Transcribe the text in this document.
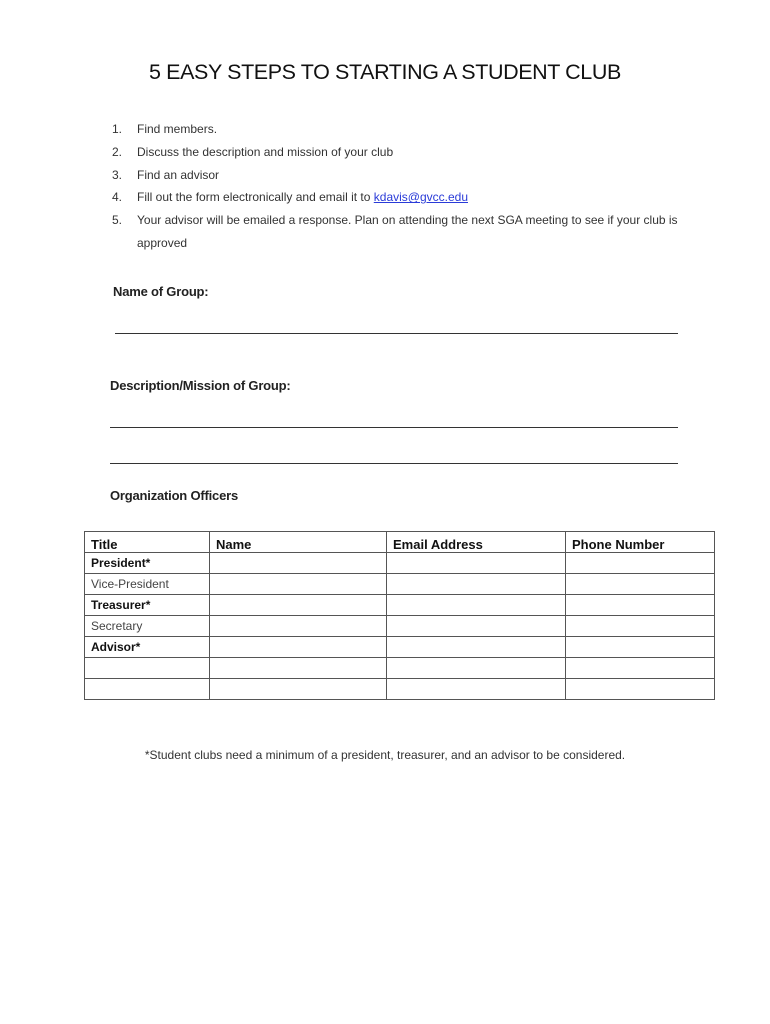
5 EASY STEPS TO STARTING A STUDENT CLUB
1. Find members.
2. Discuss the description and mission of your club
3. Find an advisor
4. Fill out the form electronically and email it to kdavis@gvcc.edu
5. Your advisor will be emailed a response. Plan on attending the next SGA meeting to see if your club is approved
Name of Group:
Description/Mission of Group:
Organization Officers
Title	Name	Email Address	Phone Number
President*			
Vice-President			
Treasurer*			
Secretary			
Advisor*			

*Student clubs need a minimum of a president, treasurer, and an advisor to be considered.
